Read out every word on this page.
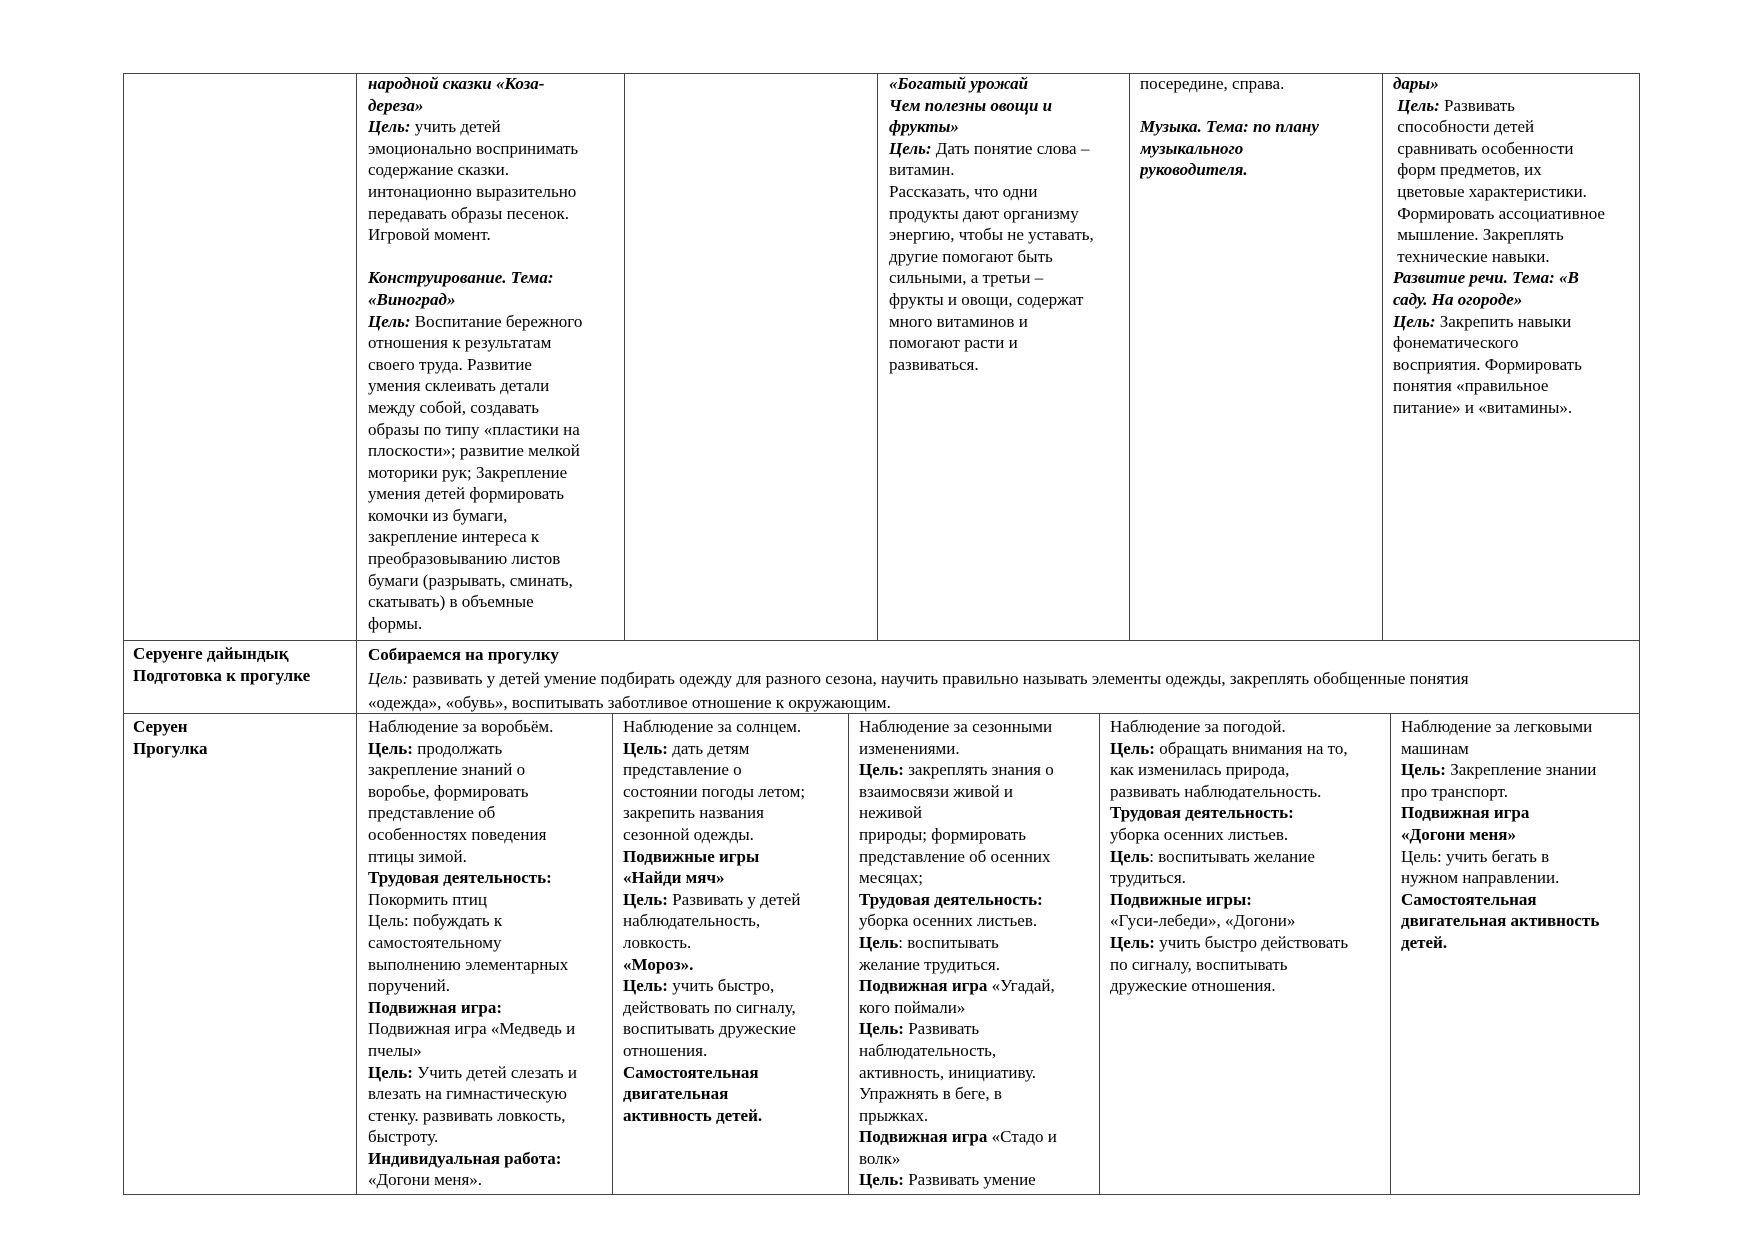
народной сказки «Коза-
дереза»
Цель: учить детей
эмоционально воспринимать
содержание сказки.
интонационно выразительно
передавать образы песенок.
Игровой момент.
Конструирование. Тема:
«Виноград»
Цель: Воспитание бережного
отношения к результатам
своего труда. Развитие
умения склеивать детали
между собой, создавать
образы по типу «пластики на
плоскости»; развитие мелкой
моторики рук; Закрепление
умения детей формировать
комочки из бумаги,
закрепление интереса к
преобразовыванию листов
бумаги (разрывать, сминать,
скатывать) в объемные
формы.
«Богатый урожай
Чем полезны овощи и
фрукты»
Цель: Дать понятие слова –
витамин.
Рассказать, что одни
продукты дают организму
энергию, чтобы не уставать,
другие помогают быть
сильными, а третьи –
фрукты и овощи, содержат
много витаминов и
помогают расти и
развиваться.
посередине, справа.
Музыка. Тема: по плану
музыкального
руководителя.
дары»
Цель: Развивать
способности детей
сравнивать особенности
форм предметов, их
цветовые характеристики.
Формировать ассоциативное
мышление. Закреплять
технические навыки.
Развитие речи. Тема: «В
саду. На огороде»
Цель: Закрепить навыки
фонематического
восприятия. Формировать
понятия «правильное
питание» и «витамины».
Серуенге дайындық
Подготовка к прогулке
Собираемся на прогулку
Цель: развивать у детей умение подбирать одежду для разного сезона, научить правильно называть элементы одежды, закреплять обобщенные понятия
«одежда», «обувь», воспитывать заботливое отношение к окружающим.
Серуен
Прогулка
Наблюдение за воробьём.
Цель: продолжать
закрепление знаний о
воробье, формировать
представление об
особенностях поведения
птицы зимой.
Трудовая деятельность:
Покормить птиц
Цель: побуждать к
самостоятельному
выполнению элементарных
поручений.
Подвижная игра:
Подвижная игра «Медведь и
пчелы»
Цель: Учить детей слезать и
влезать на гимнастическую
стенку. развивать ловкость,
быстроту.
Индивидуальная работа:
«Догони меня».
Наблюдение за солнцем.
Цель: дать детям
представление о
состоянии погоды летом;
закрепить названия
сезонной одежды.
Подвижные игры
«Найди мяч»
Цель: Развивать у детей
наблюдательность,
ловкость.
«Мороз».
Цель: учить быстро,
действовать по сигналу,
воспитывать дружеские
отношения.
Самостоятельная
двигательная
активность детей.
Наблюдение за сезонными
изменениями.
Цель: закреплять знания о
взаимосвязи живой и
неживой
природы; формировать
представление об осенних
месяцах;
Трудовая деятельность:
уборка осенних листьев.
Цель: воспитывать
желание трудиться.
Подвижная игра «Угадай,
кого поймали»
Цель: Развивать
наблюдательность,
активность, инициативу.
Упражнять в беге, в
прыжках.
Подвижная игра «Стадо и
волк»
Цель: Развивать умение
Наблюдение за погодой.
Цель: обращать внимания на то,
как изменилась природа,
развивать наблюдательность.
Трудовая деятельность:
уборка осенних листьев.
Цель: воспитывать желание
трудиться.
Подвижные игры:
«Гуси-лебеди», «Догони»
Цель: учить быстро действовать
по сигналу, воспитывать
дружеские отношения.
Наблюдение за легковыми
машинам
Цель: Закрепление знании
про транспорт.
Подвижная игра
«Догони меня»
Цель: учить бегать в
нужном направлении.
Самостоятельная
двигательная активность
детей.
